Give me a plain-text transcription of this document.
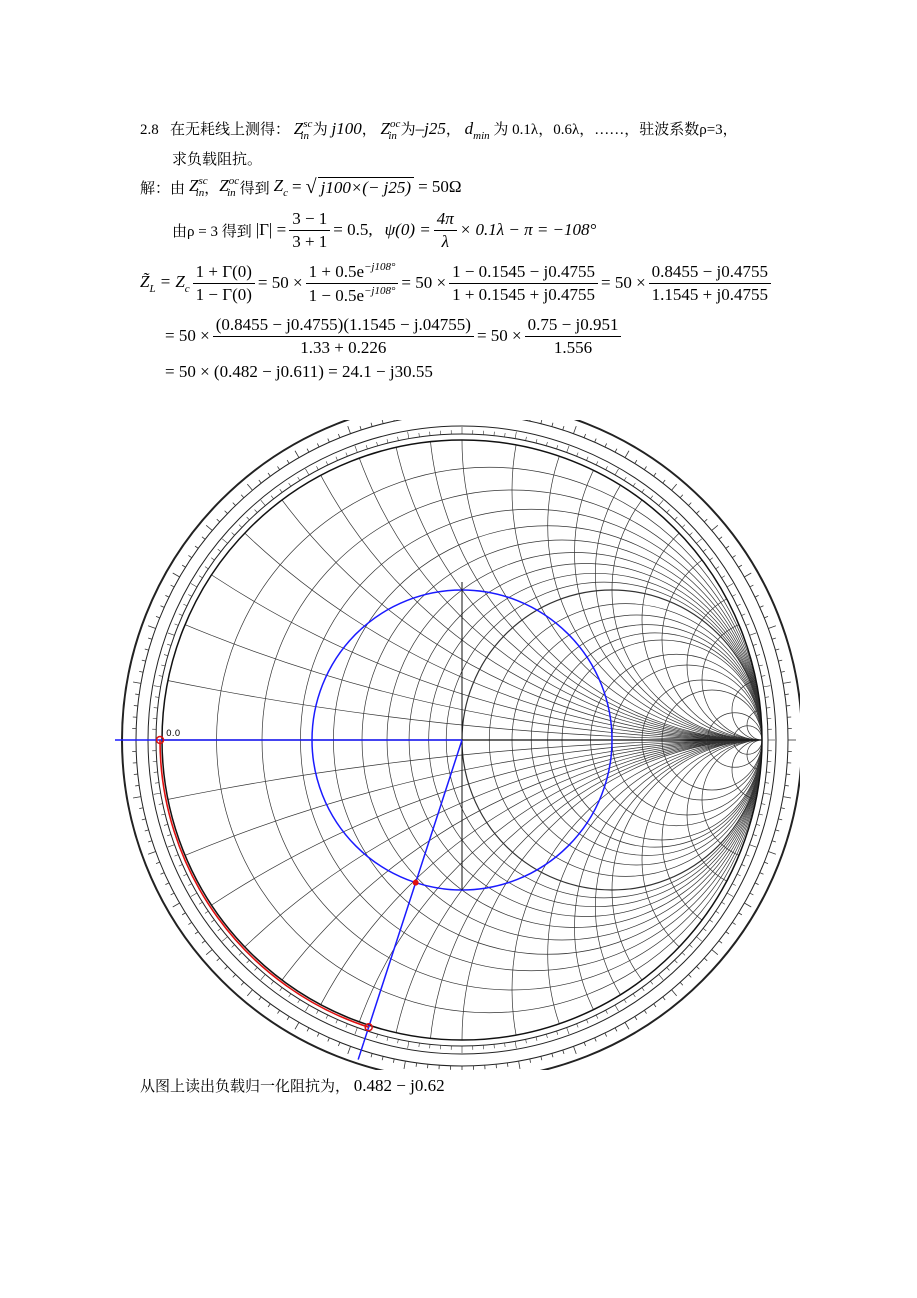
2.8 在无耗线上测得： $Z^{sc}_{in}$ 为 j100， $Z^{oc}_{in}$ 为–j25， $d_{min}$ 为 0.1λ，0.6λ，……，驻波系数ρ=3，
求负载阻抗。
解：由 $Z^{sc}_{in}$ ， $Z^{oc}_{in}$ 得到 $Z_c$ = √ j100×(− j25) = 50Ω
由ρ = 3 得到 $|\Gamma| = \frac{3 - 1}{3 + 1} = 0.5$, $\psi(0) = \frac{4\pi}{\lambda} \times 0.1\lambda - \pi = -108^\circ$
$Z̃_L = Z_c \frac{1 + \Gamma(0)}{1 - \Gamma(0)} = 50 \times \frac{1 + 0.5e^{-j108^\circ}}{1 - 0.5e^{-j108^\circ}} = 50 \times \frac{1 - 0.1545 - j0.4755}{1 + 0.1545 + j0.4755} = 50 \times \frac{0.8455 - j0.4755}{1.1545 + j0.4755}$
= $50 \times \frac{(0.8455 - j0.4755)(1.1545 - j.04755)}{1.33 + 0.226} = 50 \times \frac{0.75 - j0.951}{1.556}$
= 50 × (0.482 − j0.611) = 24.1 − j30.55
0.0
从图上读出负载归一化阻抗为， 0.482 − j0.62
